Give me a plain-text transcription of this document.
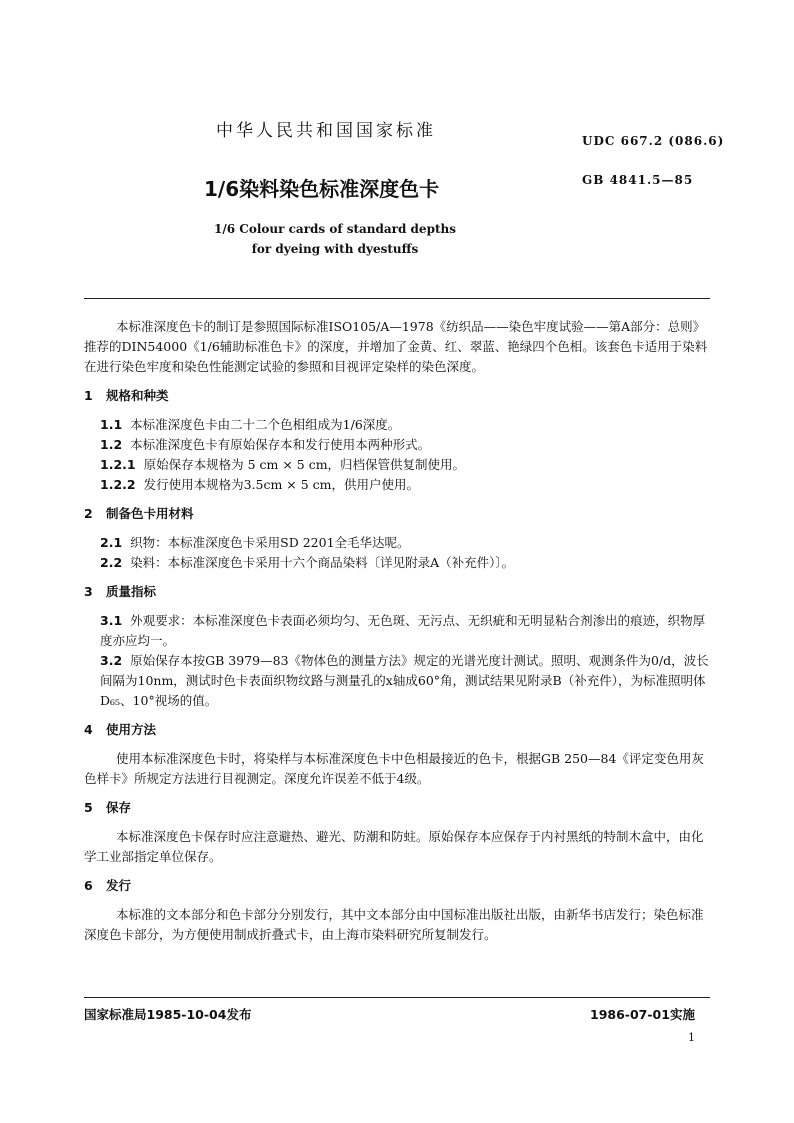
中华人民共和国国家标准	UDC 667.2 (086.6)
1/6染料染色标准深度色卡	GB 4841.5—85
1/6 Colour cards of standard depths
for dyeing with dyestuffs

本标准深度色卡的制订是参照国际标准ISO105/A—1978《纺织品——染色牢度试验——第A部分：总则》推荐的DIN54000《1/6辅助标准色卡》的深度，并增加了金黄、红、翠蓝、艳绿四个色相。该套色卡适用于染料在进行染色牢度和染色性能测定试验的参照和目视评定染样的染色深度。

1 规格和种类

1.1 本标准深度色卡由二十二个色相组成为1/6深度。

1.2 本标准深度色卡有原始保存本和发行使用本两种形式。

1.2.1 原始保存本规格为 5 cm × 5 cm，归档保管供复制使用。

1.2.2 发行使用本规格为3.5cm × 5 cm，供用户使用。

2 制备色卡用材料

2.1 织物：本标准深度色卡采用SD 2201全毛华达呢。

2.2 染料：本标准深度色卡采用十六个商品染料〔详见附录A（补充件）〕。

3 质量指标

3.1 外观要求：本标准深度色卡表面必须均匀、无色斑、无污点、无织疵和无明显粘合剂渗出的痕迹，织物厚度亦应均一。

3.2 原始保存本按GB 3979—83《物体色的测量方法》规定的光谱光度计测试。照明、观测条件为0/d，波长间隔为10nm，测试时色卡表面织物纹路与测量孔的x轴成60°角，测试结果见附录B（补充件），为标准照明体D₆₅、10°视场的值。

4 使用方法

使用本标准深度色卡时，将染样与本标准深度色卡中色相最接近的色卡，根据GB 250—84《评定变色用灰色样卡》所规定方法进行目视测定。深度允许误差不低于4级。

5 保存

本标准深度色卡保存时应注意避热、避光、防潮和防蛀。原始保存本应保存于内衬黑纸的特制木盒中，由化学工业部指定单位保存。

6 发行

本标准的文本部分和色卡部分分别发行，其中文本部分由中国标准出版社出版，由新华书店发行；染色标准深度色卡部分，为方便使用制成折叠式卡，由上海市染料研究所复制发行。

国家标准局1985-10-04发布	1986-07-01实施
1
